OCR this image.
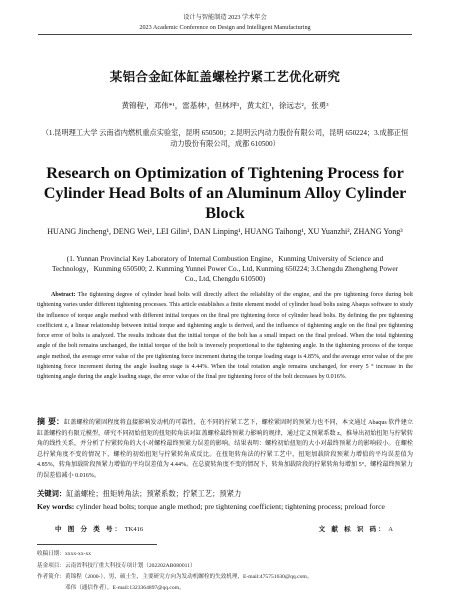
设计与智能制造 2023 学术年会
2023 Academic Conference on Design and Intelligent Manufacturing
某铝合金缸体缸盖螺栓拧紧工艺优化研究
黄锦程¹，邓伟*¹，雷基林¹，但林坪¹，黄太红¹，徐远志²，张勇³
（1.昆明理工大学 云南省内燃机重点实验室，昆明 650500；2.昆明云内动力股份有限公司，昆明 650224；3.成都正恒动力股份有限公司，成都 610500）
Research on Optimization of Tightening Process for Cylinder Head Bolts of an Aluminum Alloy Cylinder Block
HUANG Jincheng¹, DENG Wei¹, LEI Gilin¹, DAN Linping¹, HUANG Taihong¹, XU Yuanzhi², ZHANG Yong³
(1. Yunnan Provincial Key Laboratory of Internal Combustion Engine，Kunming University of Science and Technology，Kunming 650500; 2. Kunming Yunnei Power Co., Ltd, Kunming 650224; 3.Chengdu Zhengheng Power Co., Ltd, Chengdu 610500)
Abstract: The tightening degree of cylinder head bolts will directly affect the reliability of the engine, and the pre tightening force during bolt tightening varies under different tightening processes. This article establishes a finite element model of cylinder head bolts using Abaqus software to study the influence of torque angle method with different initial torques on the final pre tightening force of cylinder head bolts. By defining the pre tightening coefficient z, a linear relationship between initial torque and tightening angle is derived, and the influence of tightening angle on the final pre tightening force error of bolts is analyzed. The results indicate that the initial torque of the bolt has a small impact on the final preload. When the total tightening angle of the bolt remains unchanged, the initial torque of the bolt is inversely proportional to the tightening angle. In the tightening process of the torque angle method, the average error value of the pre tightening force increment during the torque loading stage is 4.85%, and the average error value of the pre tightening force increment during the angle loading stage is 4.44%. When the total rotation angle remains unchanged, for every 5 ° increase in the tightening angle during the angle loading stage, the error value of the final pre tightening force of the bolt decreases by 0.016%.
摘 要：缸盖螺栓的紧固程度将直接影响发动机的可靠性，在不同的拧紧工艺下，螺栓紧固时的预紧力也不同，本文通过 Abaqus 软件建立缸盖螺栓的有限元模型，研究不同初始扭矩的扭矩转角法对缸盖螺栓最终预紧力影响的规律，通过定义预紧系数 z，推导出初始扭矩与拧紧转角的线性关系，并分析了拧紧转角的大小对螺栓最终预紧力误差的影响。结果表明：螺栓初始扭矩的大小对最终预紧力的影响较小。在螺栓总拧紧角度不变的情况下，螺栓的初始扭矩与拧紧转角成反比。在扭矩转角法的拧紧工艺中，扭矩加载阶段预紧力增值的平均误差值为 4.85%，转角加载阶段预紧力增值的平均误差值为 4.44%。在总旋转角度不变的情况下，转角加载阶段的拧紧转角每增加 5°，螺栓最终预紧力的误差值减小 0.016%。
关键词：缸盖螺栓；扭矩转角法；预紧系数；拧紧工艺；预紧力
Key words: cylinder head bolts; torque angle method; pre tightening coefficient; tightening process; preload force
中 图 分 类 号： TK416	文 献 标 识 码： A
收稿日期：xxxx-xx-xx
基金项目：云南省科技厅重大科技专项计划（202202AB080011）
作者简介：黄锦程（2000-），男，硕士生，主要研究方向为发动机螺栓的失效机理，E-mail:475751630@qq.com。
邓伟（通信作者），E-mail:1323364897@qq.com。
